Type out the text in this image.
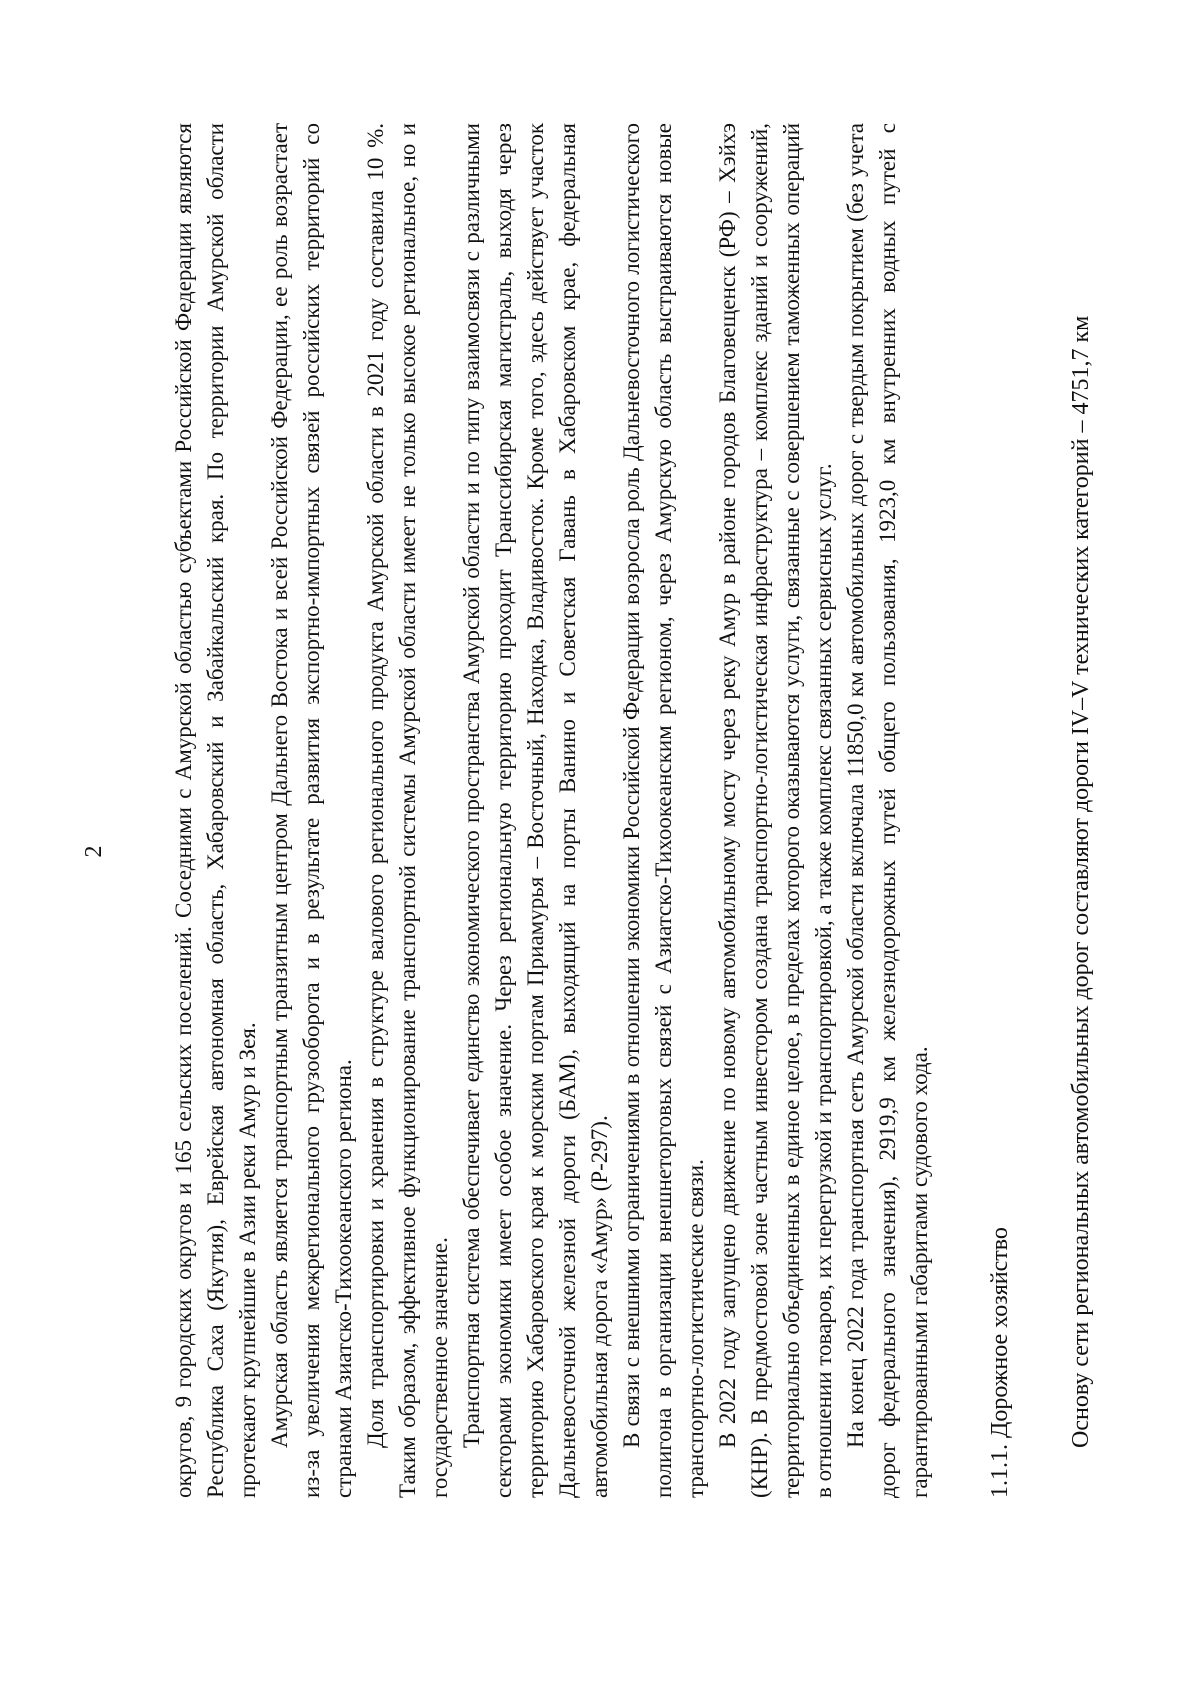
2	округов, 9 городских округов и 165 сельских поселений. Соседними с Амурской областью субъектами Российской Федерации являются Республика Саха (Якутия), Еврейская автономная область, Хабаровский и Забайкальский края. По территории Амурской области протекают крупнейшие в Азии реки Амур и Зея. Амурская область является транспортным транзитным центром Дальнего Востока и всей Российской Федерации, ее роль возрастает из-за увеличения межрегионального грузооборота и в результате развития экспортно-импортных связей российских территорий со странами Азиатско-Тихоокеанского региона. Доля транспортировки и хранения в структуре валового регионального продукта Амурской области в 2021 году составила 10 %. Таким образом, эффективное функционирование транспортной системы Амурской области имеет не только высокое региональное, но и государственное значение. Транспортная система обеспечивает единство экономического пространства Амурской области и по типу взаимосвязи с различными секторами экономики имеет особое значение. Через региональную территорию проходит Транссибирская магистраль, выходя через территорию Хабаровского края к морским портам Приамурья – Восточный, Находка, Владивосток. Кроме того, здесь действует участок Дальневосточной железной дороги (БАМ), выходящий на порты Ванино и Советская Гавань в Хабаровском крае, федеральная автомобильная дорога «Амур» (Р-297). В связи с внешними ограничениями в отношении экономики Российской Федерации возросла роль Дальневосточного логистического полигона в организации внешнеторговых связей с Азиатско-Тихоокеанским регионом, через Амурскую область выстраиваются новые транспортно-логистические связи. В 2022 году запущено движение по новому автомобильному мосту через реку Амур в районе городов Благовещенск (РФ) – Хэйхэ (КНР). В предмостовой зоне частным инвестором создана транспортно-логистическая инфраструктура – комплекс зданий и сооружений, территориально объединенных в единое целое, в пределах которого оказываются услуги, связанные с совершением таможенных операций в отношении товаров, их перегрузкой и транспортировкой, а также комплекс связанных сервисных услуг. На конец 2022 года транспортная сеть Амурской области включала 11850,0 км автомобильных дорог с твердым покрытием (без учета дорог федерального значения), 2919,9 км железнодорожных путей общего пользования, 1923,0 км внутренних водных путей с гарантированными габаритами судового хода. 1.1.1. Дорожное хозяйство Основу сети региональных автомобильных дорог составляют дороги IV–V технических категорий – 4751,7 км
